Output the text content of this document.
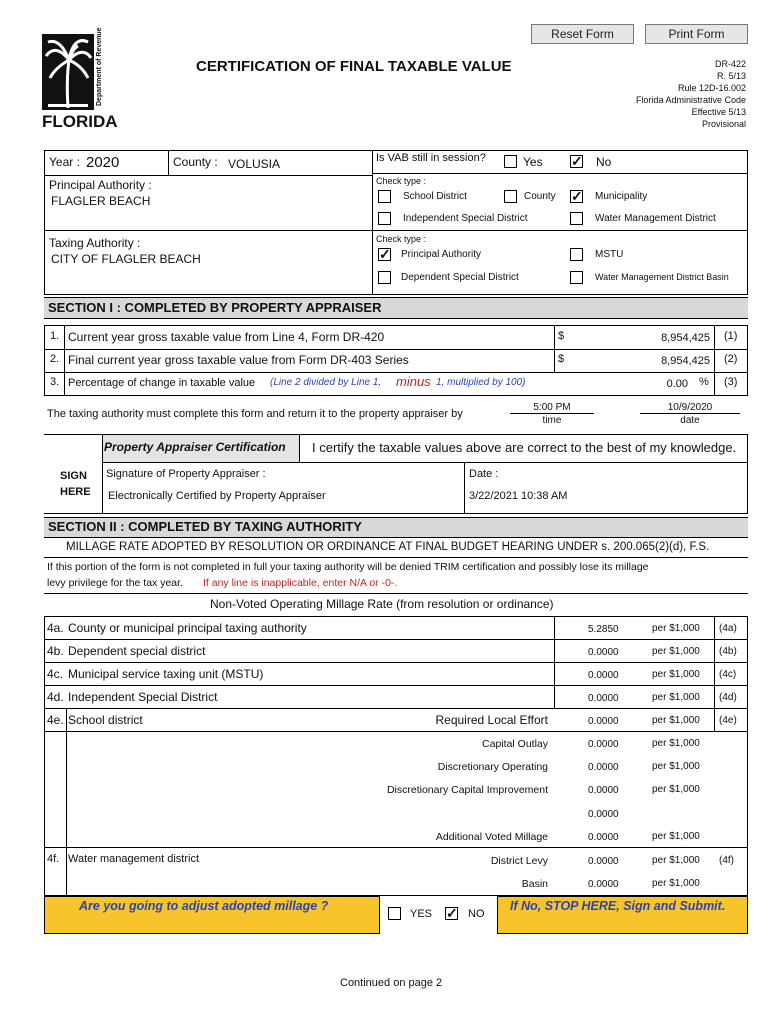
Reset Form	Print Form
Department of Revenue
FLORIDA
CERTIFICATION OF FINAL TAXABLE VALUE	DR-422
R. 5/13
Rule 12D-16.002
Florida Administrative Code
Effective 5/13
Provisional
Year : 2020	County : VOLUSIA	Is VAB still in session?	Yes ✓ No
Principal Authority :
FLAGLER BEACH
Check type :
School District	County ✓ Municipality
Independent Special District	Water Management District
Taxing Authority :
CITY OF FLAGLER BEACH
Check type :
✓ Principal Authority	MSTU
Dependent Special District	Water Management District Basin
SECTION I : COMPLETED BY PROPERTY APPRAISER
1. Current year gross taxable value from Line 4, Form DR-420	$	8,954,425 (1)
2. Final current year gross taxable value from Form DR-403 Series	$	8,954,425 (2)
3. Percentage of change in taxable value (Line 2 divided by Line 1, minus 1, multiplied by 100)	0.00 % (3)
The taxing authority must complete this form and return it to the property appraiser by
5:00 PM
time
10/9/2020
date
Property Appraiser Certification I certify the taxable values above are correct to the best of my knowledge.
SIGN
HERE
Signature of Property Appraiser :
Electronically Certified by Property Appraiser
Date :
3/22/2021 10:38 AM
SECTION II : COMPLETED BY TAXING AUTHORITY
MILLAGE RATE ADOPTED BY RESOLUTION OR ORDINANCE AT FINAL BUDGET HEARING UNDER s. 200.065(2)(d), F.S.
If this portion of the form is not completed in full your taxing authority will be denied TRIM certification and possibly lose its millage
levy privilege for the tax year. If any line is inapplicable, enter N/A or -0-.
Non-Voted Operating Millage Rate (from resolution or ordinance)
4a. County or municipal principal taxing authority	5.2850	per $1,000 (4a)
4b. Dependent special district	0.0000	per $1,000 (4b)
4c. Municipal service taxing unit (MSTU)	0.0000	per $1,000 (4c)
4d. Independent Special District	0.0000	per $1,000 (4d)
4e. School district	(4e)
Required Local Effort	0.0000	per $1,000
Capital Outlay	0.0000	per $1,000
Discretionary Operating	0.0000	per $1,000
Discretionary Capital Improvement	0.0000	per $1,000
0.0000
Additional Voted Millage	0.0000	per $1,000
4f. Water management district	(4f)
District Levy	0.0000	per $1,000
Basin	0.0000	per $1,000
Are you going to adjust adopted millage ?
YES ✓ NO
If No, STOP HERE, Sign and Submit.
Continued on page 2
